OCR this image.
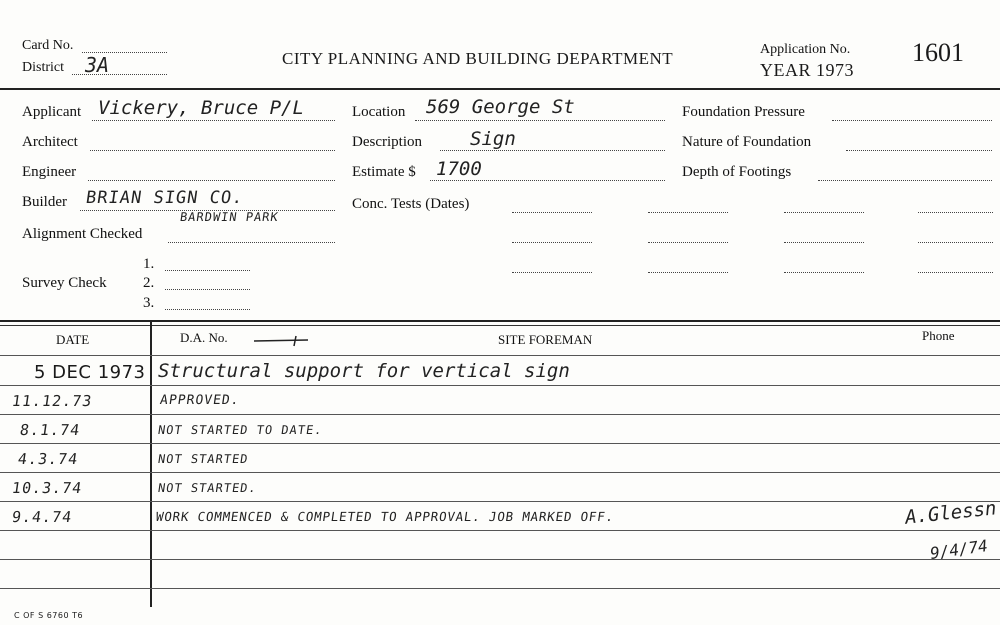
Card No.
District 3A	CITY PLANNING AND BUILDING DEPARTMENT	Application No.
YEAR 1973
1601
Applicant Vickery, Bruce P/L
Architect
Engineer
Builder BRIAN SIGN CO.
BARDWIN PARK
Alignment Checked
Survey Check
1.
2.
3.
Location 569 George St
Description	Sign
Estimate $ 1700
Conc. Tests (Dates)
Foundation Pressure
Nature of Foundation
Depth of Footings
DATE	D.A. No.	SITE FOREMAN	Phone
5 DEC 1973 Structural support for vertical sign
11.12.73	APPROVED.
8.1.74	NOT STARTED TO DATE.
4.3.74	NOT STARTED
10.3.74	NOT STARTED.
9.4.74	WORK COMMENCED & COMPLETED TO APPROVAL. JOB MARKED OFF.	A.Glessn
9/4/74
C OF S 6760 T6
